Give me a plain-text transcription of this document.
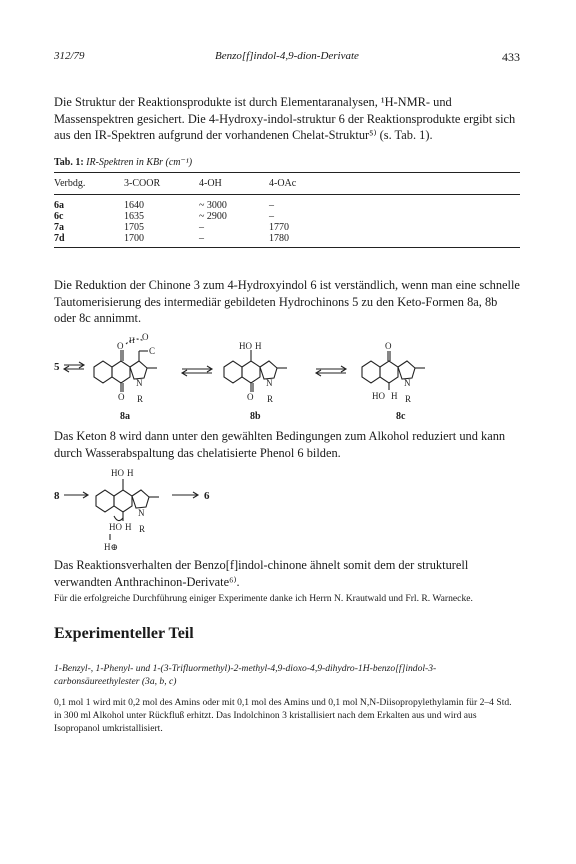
312/79	Benzo[f]indol-4,9-dion-Derivate	433

Die Struktur der Reaktionsprodukte ist durch Elementaranalysen, ¹H-NMR- und Massenspektren gesichert. Die 4-Hydroxy-indol-struktur 6 der Reaktionsprodukte ergibt sich aus den IR-Spektren aufgrund der vorhandenen Chelat-Struktur⁵⁾ (s. Tab. 1).

Tab. 1: IR-Spektren in KBr (cm⁻¹)
Verbdg.	3-COOR	4-OH	4-OAc
6a	1640	~ 3000	–
6c	1635	~ 2900	–
7a	1705	–	1770
7d	1700	–	1780

Die Reduktion der Chinone 3 zum 4-Hydroxyindol 6 ist verständlich, wenn man eine schnelle Tautomerisierung des intermediär gebildeten Hydrochinons 5 zu den Keto-Formen 8a, 8b oder 8c annimmt.

5
O
H O
C
O
N
R
8a
HO H
O
N
R
8b
O
HO H
N
R
8c

Das Keton 8 wird dann unter den gewählten Bedingungen zum Alkohol reduziert und kann durch Wasserabspaltung das chelatisierte Phenol 6 bilden.

8
HO H
HO H
N
R
H⊕
6

Das Reaktionsverhalten der Benzo[f]indol-chinone ähnelt somit dem der strukturell verwandten Anthrachinon-Derivate⁶⁾.

Für die erfolgreiche Durchführung einiger Experimente danke ich Herrn N. Krautwald und Frl. R. Warnecke.

Experimenteller Teil

1-Benzyl-, 1-Phenyl- und 1-(3-Trifluormethyl)-2-methyl-4,9-dioxo-4,9-dihydro-1H-benzo[f]indol-3-carbonsäureethylester (3a, b, c)

0,1 mol 1 wird mit 0,2 mol des Amins oder mit 0,1 mol des Amins und 0,1 mol N,N-Diisopropylethylamin für 2–4 Std. in 300 ml Alkohol unter Rückfluß erhitzt. Das Indolchinon 3 kristallisiert nach dem Erkalten aus und wird aus Isopropanol umkristallisiert.
